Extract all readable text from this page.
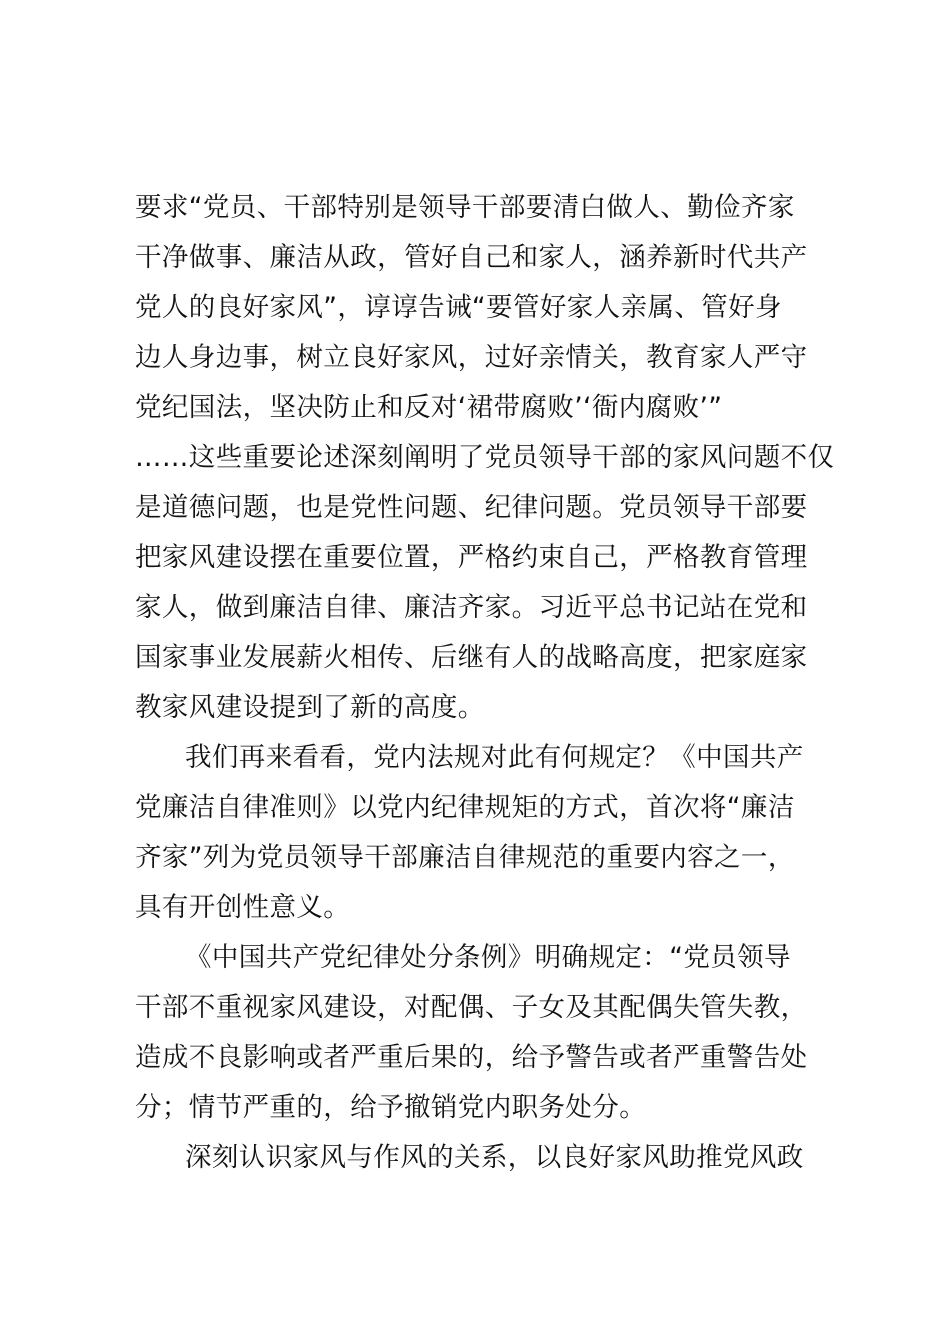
要求“党员、干部特别是领导干部要清白做人、勤俭齐家
干净做事、廉洁从政，管好自己和家人，涵养新时代共产
党人的良好家风”，谆谆告诫“要管好家人亲属、管好身
边人身边事，树立良好家风，过好亲情关，教育家人严守
党纪国法，坚决防止和反对‘裙带腐败’‘衙内腐败’”
……这些重要论述深刻阐明了党员领导干部的家风问题不仅
是道德问题，也是党性问题、纪律问题。党员领导干部要
把家风建设摆在重要位置，严格约束自己，严格教育管理
家人，做到廉洁自律、廉洁齐家。习近平总书记站在党和
国家事业发展薪火相传、后继有人的战略高度，把家庭家
教家风建设提到了新的高度。
我们再来看看，党内法规对此有何规定？《中国共产
党廉洁自律准则》以党内纪律规矩的方式，首次将“廉洁
齐家”列为党员领导干部廉洁自律规范的重要内容之一，
具有开创性意义。
《中国共产党纪律处分条例》明确规定：“党员领导
干部不重视家风建设，对配偶、子女及其配偶失管失教，
造成不良影响或者严重后果的，给予警告或者严重警告处
分；情节严重的，给予撤销党内职务处分。
深刻认识家风与作风的关系，以良好家风助推党风政
